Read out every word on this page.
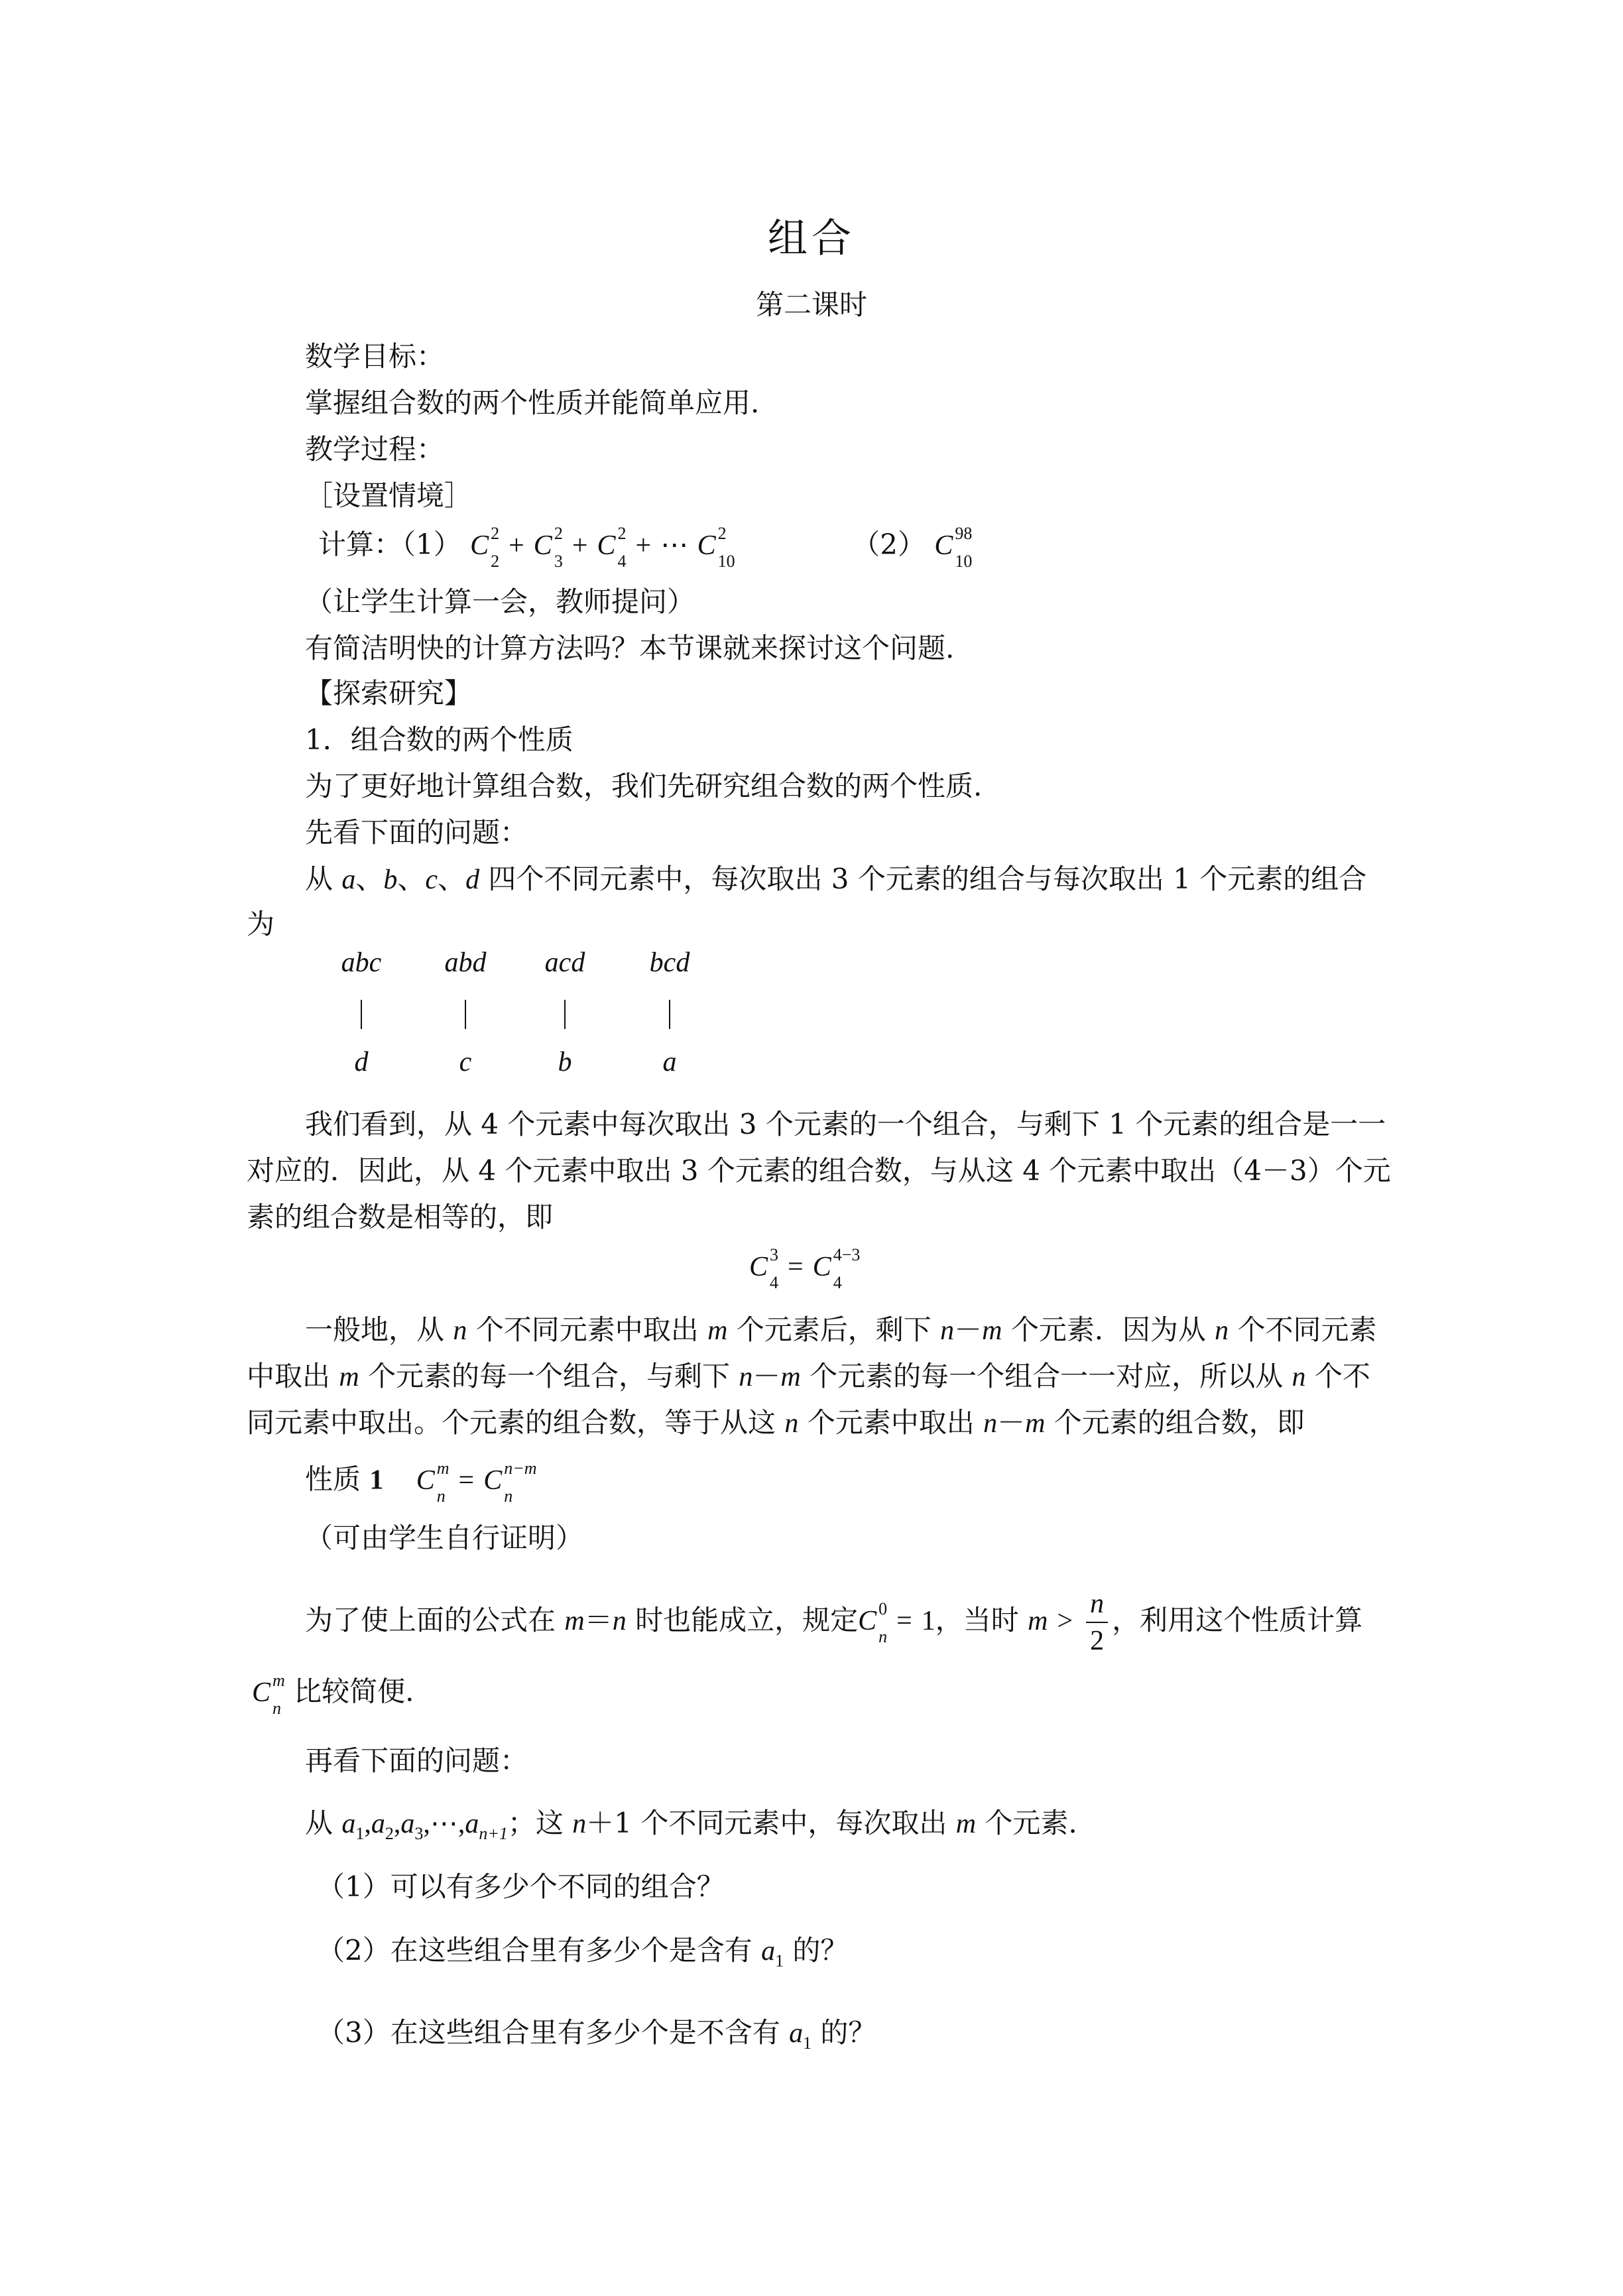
组合
第二课时
数学目标：
掌握组合数的两个性质并能简单应用.
教学过程：
［设置情境］
计算：（1） C 2
2
+ C 2
3
+ C 2
4
+ ⋯ C 2
10
（2） C 98
10
（让学生计算一会，教师提问）
有简洁明快的计算方法吗？本节课就来探讨这个问题.
【探索研究】
1．组合数的两个性质
为了更好地计算组合数，我们先研究组合数的两个性质.
先看下面的问题：
从 a、b、c、d 四个不同元素中，每次取出 3 个元素的组合与每次取出 1 个元素的组合
为
abc	abd	acd	bcd
d	c	b	a
我们看到，从 4 个元素中每次取出 3 个元素的一个组合，与剩下 1 个元素的组合是一一
对应的．因此，从 4 个元素中取出 3 个元素的组合数，与从这 4 个元素中取出（4－3）个元
素的组合数是相等的，即
C 3
4
= C 4−3
4
一般地，从 n 个不同元素中取出 m 个元素后，剩下 n－m 个元素．因为从 n 个不同元素
中取出 m 个元素的每一个组合，与剩下 n－m 个元素的每一个组合一一对应，所以从 n 个不
同元素中取出。个元素的组合数，等于从这 n 个元素中取出 n－m 个元素的组合数，即
性质 1 C m
n
= C n−m
n
（可由学生自行证明）
为了使上面的公式在 m＝n 时也能成立，规定C 0
n
= 1，当时 $m > \frac{n}{2}$ ，利用这个性质计算
C m
n
比较简便.
再看下面的问题：
从 $a_1,a_2,a_3,\cdots,a_{n+1}$；这 n＋1 个不同元素中，每次取出 m 个元素.
（1）可以有多少个不同的组合？
（2）在这些组合里有多少个是含有 $a_1$ 的？
（3）在这些组合里有多少个是不含有 $a_1$ 的？
